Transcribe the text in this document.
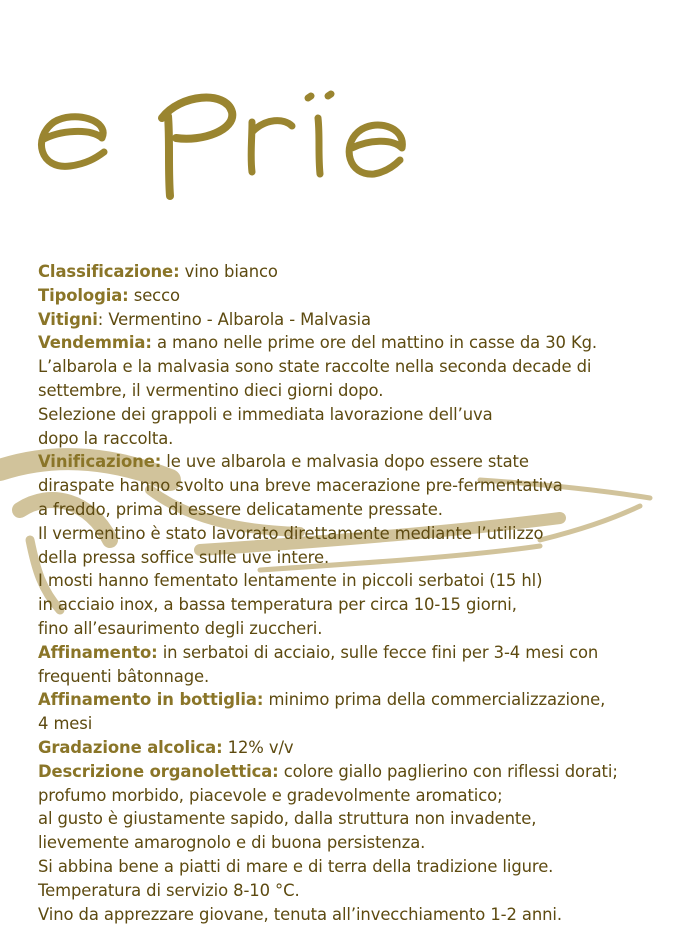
Classificazione: vino bianco

Tipologia: secco

Vitigni: Vermentino - Albarola - Malvasia

Vendemmia: a mano nelle prime ore del mattino in casse da 30 Kg.

L’albarola e la malvasia sono state raccolte nella seconda decade di

settembre, il vermentino dieci giorni dopo.

Selezione dei grappoli e immediata lavorazione dell’uva

dopo la raccolta.

Vinificazione: le uve albarola e malvasia dopo essere state

diraspate hanno svolto una breve macerazione pre-fermentativa

a freddo, prima di essere delicatamente pressate.

Il vermentino è stato lavorato direttamente mediante l’utilizzo

della pressa soffice sulle uve intere.

I mosti hanno fementato lentamente in piccoli serbatoi (15 hl)

in acciaio inox, a bassa temperatura per circa 10-15 giorni,

fino all’esaurimento degli zuccheri.

Affinamento: in serbatoi di acciaio, sulle fecce fini per 3-4 mesi con

frequenti bâtonnage.

Affinamento in bottiglia: minimo prima della commercializzazione,

4 mesi

Gradazione alcolica: 12% v/v

Descrizione organolettica: colore giallo paglierino con riflessi dorati;

profumo morbido, piacevole e gradevolmente aromatico;

al gusto è giustamente sapido, dalla struttura non invadente,

lievemente amarognolo e di buona persistenza.

Si abbina bene a piatti di mare e di terra della tradizione ligure.

Temperatura di servizio 8-10 °C.

Vino da apprezzare giovane, tenuta all’invecchiamento 1-2 anni.
